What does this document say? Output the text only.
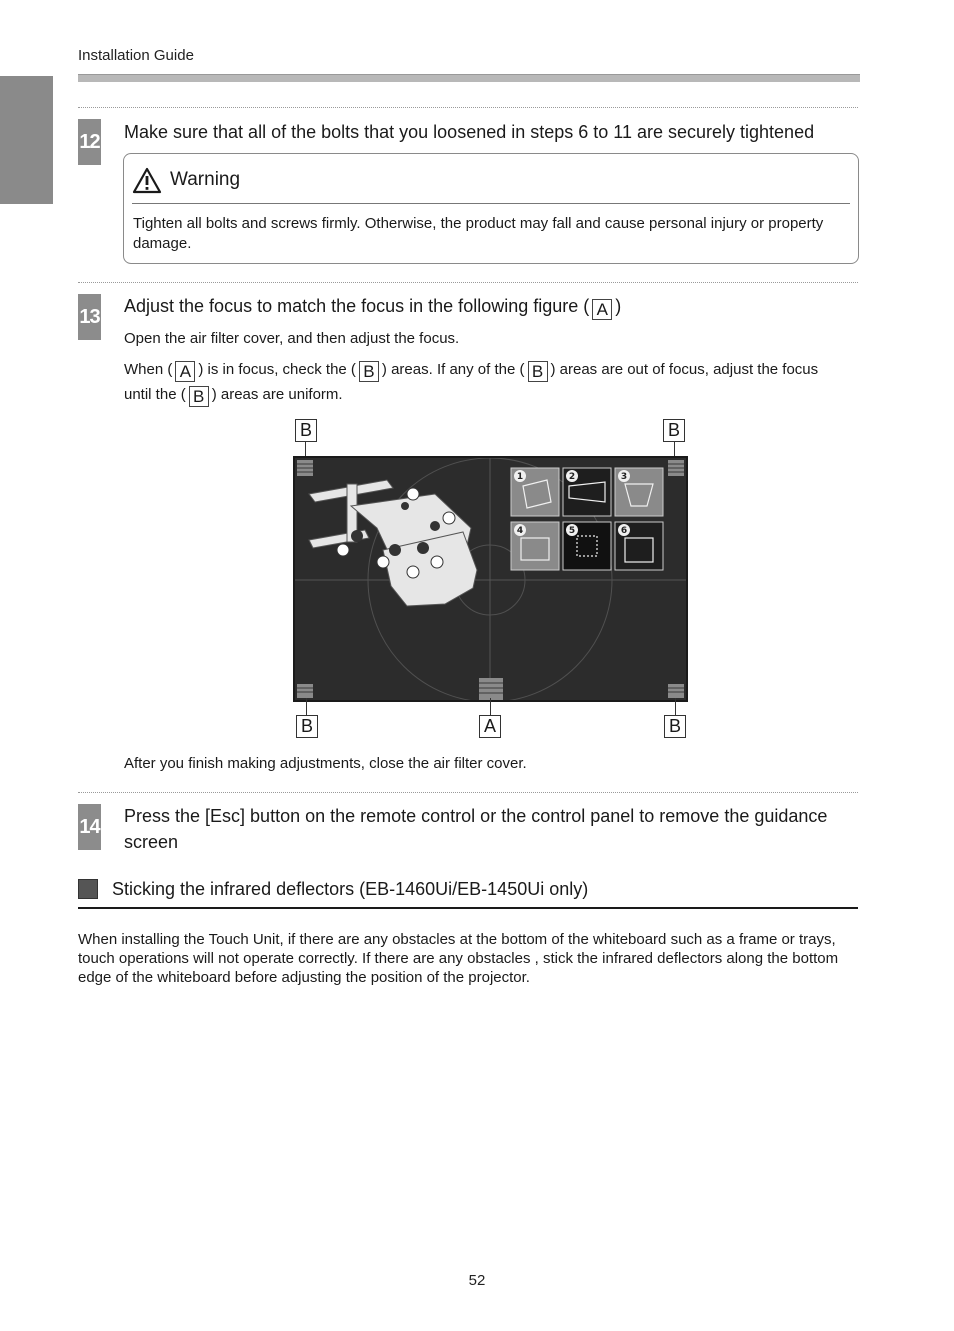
Installation Guide
12 Make sure that all of the bolts that you loosened in steps 6 to 11 are securely tightened
Warning
Tighten all bolts and screws firmly. Otherwise, the product may fall and cause personal injury or property damage.
13 Adjust the focus to match the focus in the following figure ( A )
Open the air filter cover, and then adjust the focus.
When ( A ) is in focus, check the ( B ) areas. If any of the ( B ) areas are out of focus, adjust the focus
until the ( B ) areas are uniform.
B	B
1	2	3
4	5	6
B	A	B
After you finish making adjustments, close the air filter cover.
14 Press the [Esc] button on the remote control or the control panel to remove the guidance screen
Sticking the infrared deflectors (EB-1460Ui/EB-1450Ui only)
When installing the Touch Unit, if there are any obstacles at the bottom of the whiteboard such as a frame or trays, touch operations will not operate correctly. If there are any obstacles , stick the infrared deflectors along the bottom edge of the whiteboard before adjusting the position of the projector.
52
